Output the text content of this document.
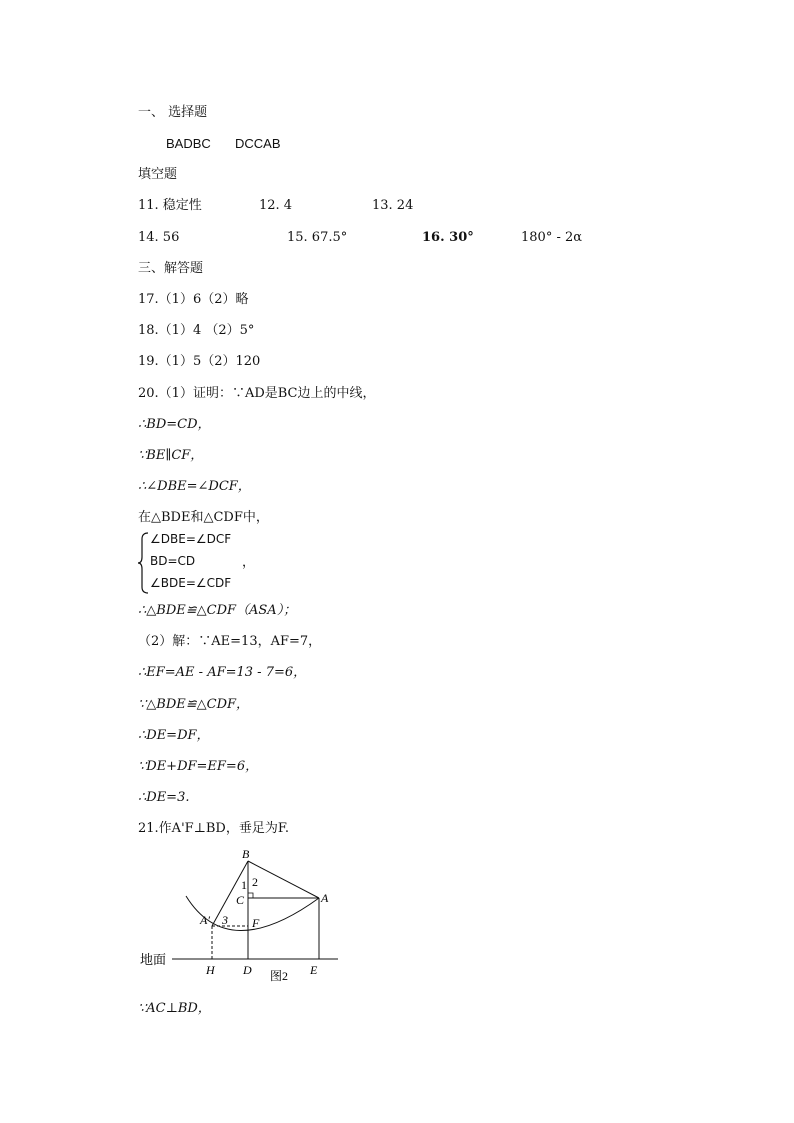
一、 选择题
BADBC DCCAB
填空题
11. 稳定性	12. 4	13. 24
14. 56	15. 67.5°	16. 30°	180° - 2α
三、解答题
17.（1）6（2）略
18.（1）4 （2）5°
19.（1）5（2）120
20.（1）证明：∵AD是BC边上的中线，
∴BD=CD，
∵BE∥CF，
∴∠DBE=∠DCF，
在△BDE和△CDF中，
∠DBE=∠DCF
BD=CD	，
∠BDE=∠CDF
∴△BDE≌△CDF（ASA）；
（2）解：∵AE=13，AF=7，
∴EF=AE - AF=13 - 7=6，
∵△BDE≌△CDF，
∴DE=DF，
∵DE+DF=EF=6，
∴DE=3.
21.作A'F⊥BD，垂足为F.
B
A
A′
C
F
1 2
3
H D	E
地面
图2
∵AC⊥BD，
